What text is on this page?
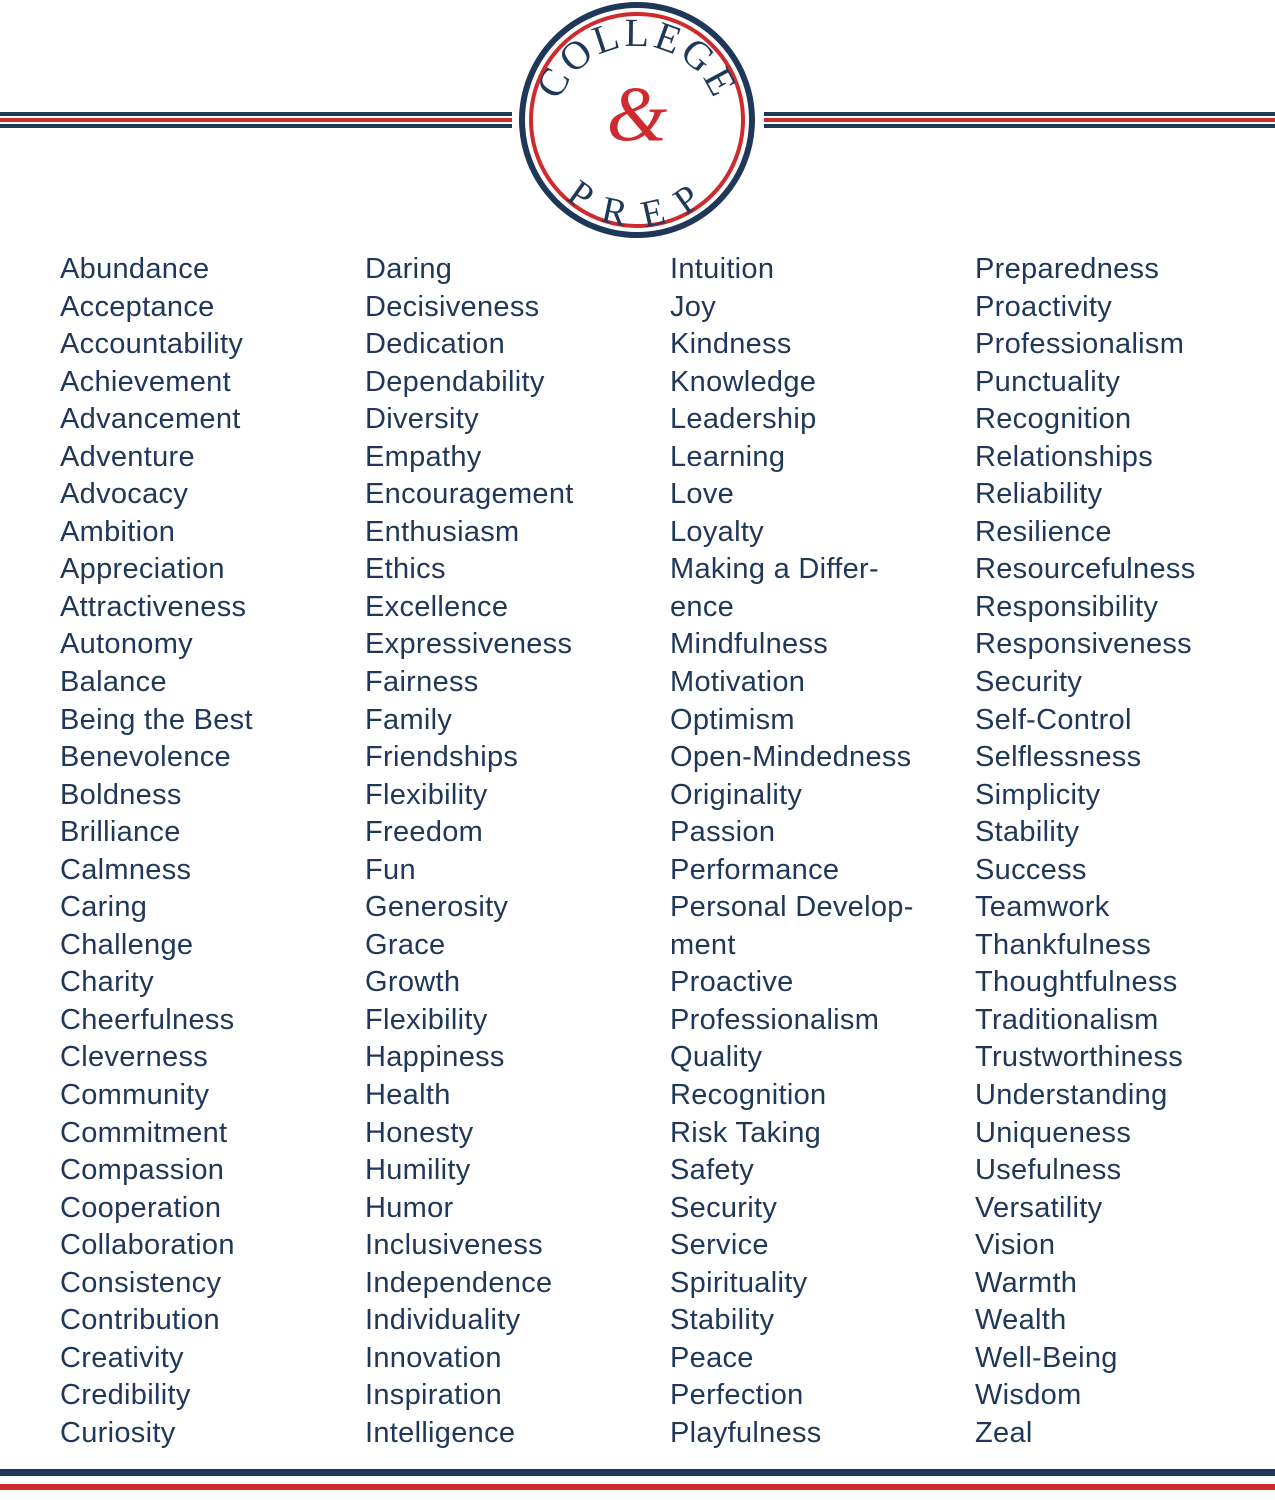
COLLEGE
PREP
&
Abundance
Acceptance
Accountability
Achievement
Advancement
Adventure
Advocacy
Ambition
Appreciation
Attractiveness
Autonomy
Balance
Being the Best
Benevolence
Boldness
Brilliance
Calmness
Caring
Challenge
Charity
Cheerfulness
Cleverness
Community
Commitment
Compassion
Cooperation
Collaboration
Consistency
Contribution
Creativity
Credibility
Curiosity
Daring
Decisiveness
Dedication
Dependability
Diversity
Empathy
Encouragement
Enthusiasm
Ethics
Excellence
Expressiveness
Fairness
Family
Friendships
Flexibility
Freedom
Fun
Generosity
Grace
Growth
Flexibility
Happiness
Health
Honesty
Humility
Humor
Inclusiveness
Independence
Individuality
Innovation
Inspiration
Intelligence
Intuition
Joy
Kindness
Knowledge
Leadership
Learning
Love
Loyalty
Making a Differ-
ence
Mindfulness
Motivation
Optimism
Open-Mindedness
Originality
Passion
Performance
Personal Develop-
ment
Proactive
Professionalism
Quality
Recognition
Risk Taking
Safety
Security
Service
Spirituality
Stability
Peace
Perfection
Playfulness
Preparedness
Proactivity
Professionalism
Punctuality
Recognition
Relationships
Reliability
Resilience
Resourcefulness
Responsibility
Responsiveness
Security
Self-Control
Selflessness
Simplicity
Stability
Success
Teamwork
Thankfulness
Thoughtfulness
Traditionalism
Trustworthiness
Understanding
Uniqueness
Usefulness
Versatility
Vision
Warmth
Wealth
Well-Being
Wisdom
Zeal
